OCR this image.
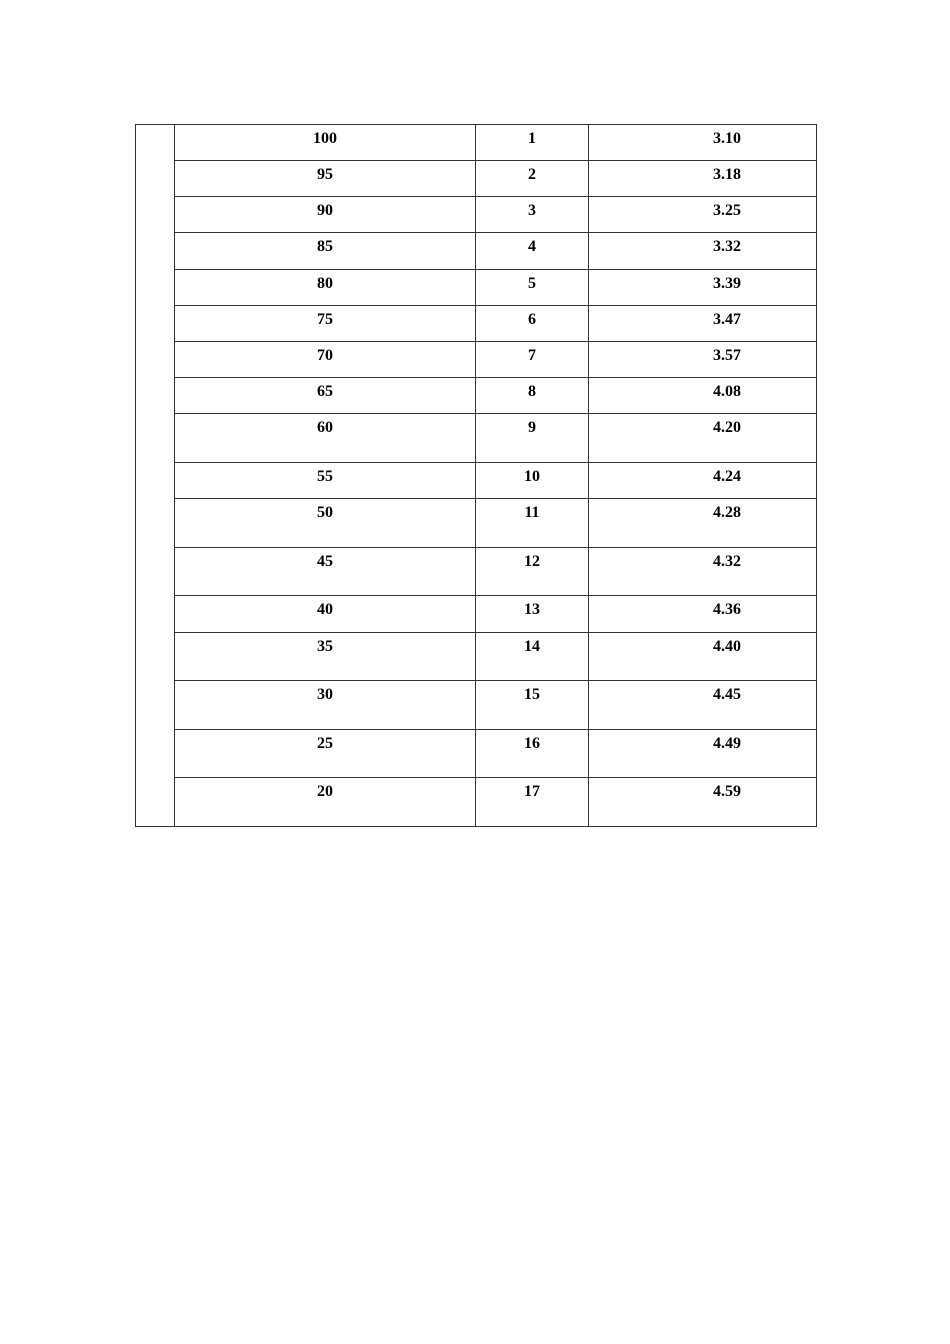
	100	1	3.10
	95	2	3.18
	90	3	3.25
	85	4	3.32
	80	5	3.39
	75	6	3.47
	70	7	3.57
	65	8	4.08
	60	9	4.20
	55	10	4.24
	50	11	4.28
	45	12	4.32
	40	13	4.36
	35	14	4.40
	30	15	4.45
	25	16	4.49
	20	17	4.59
